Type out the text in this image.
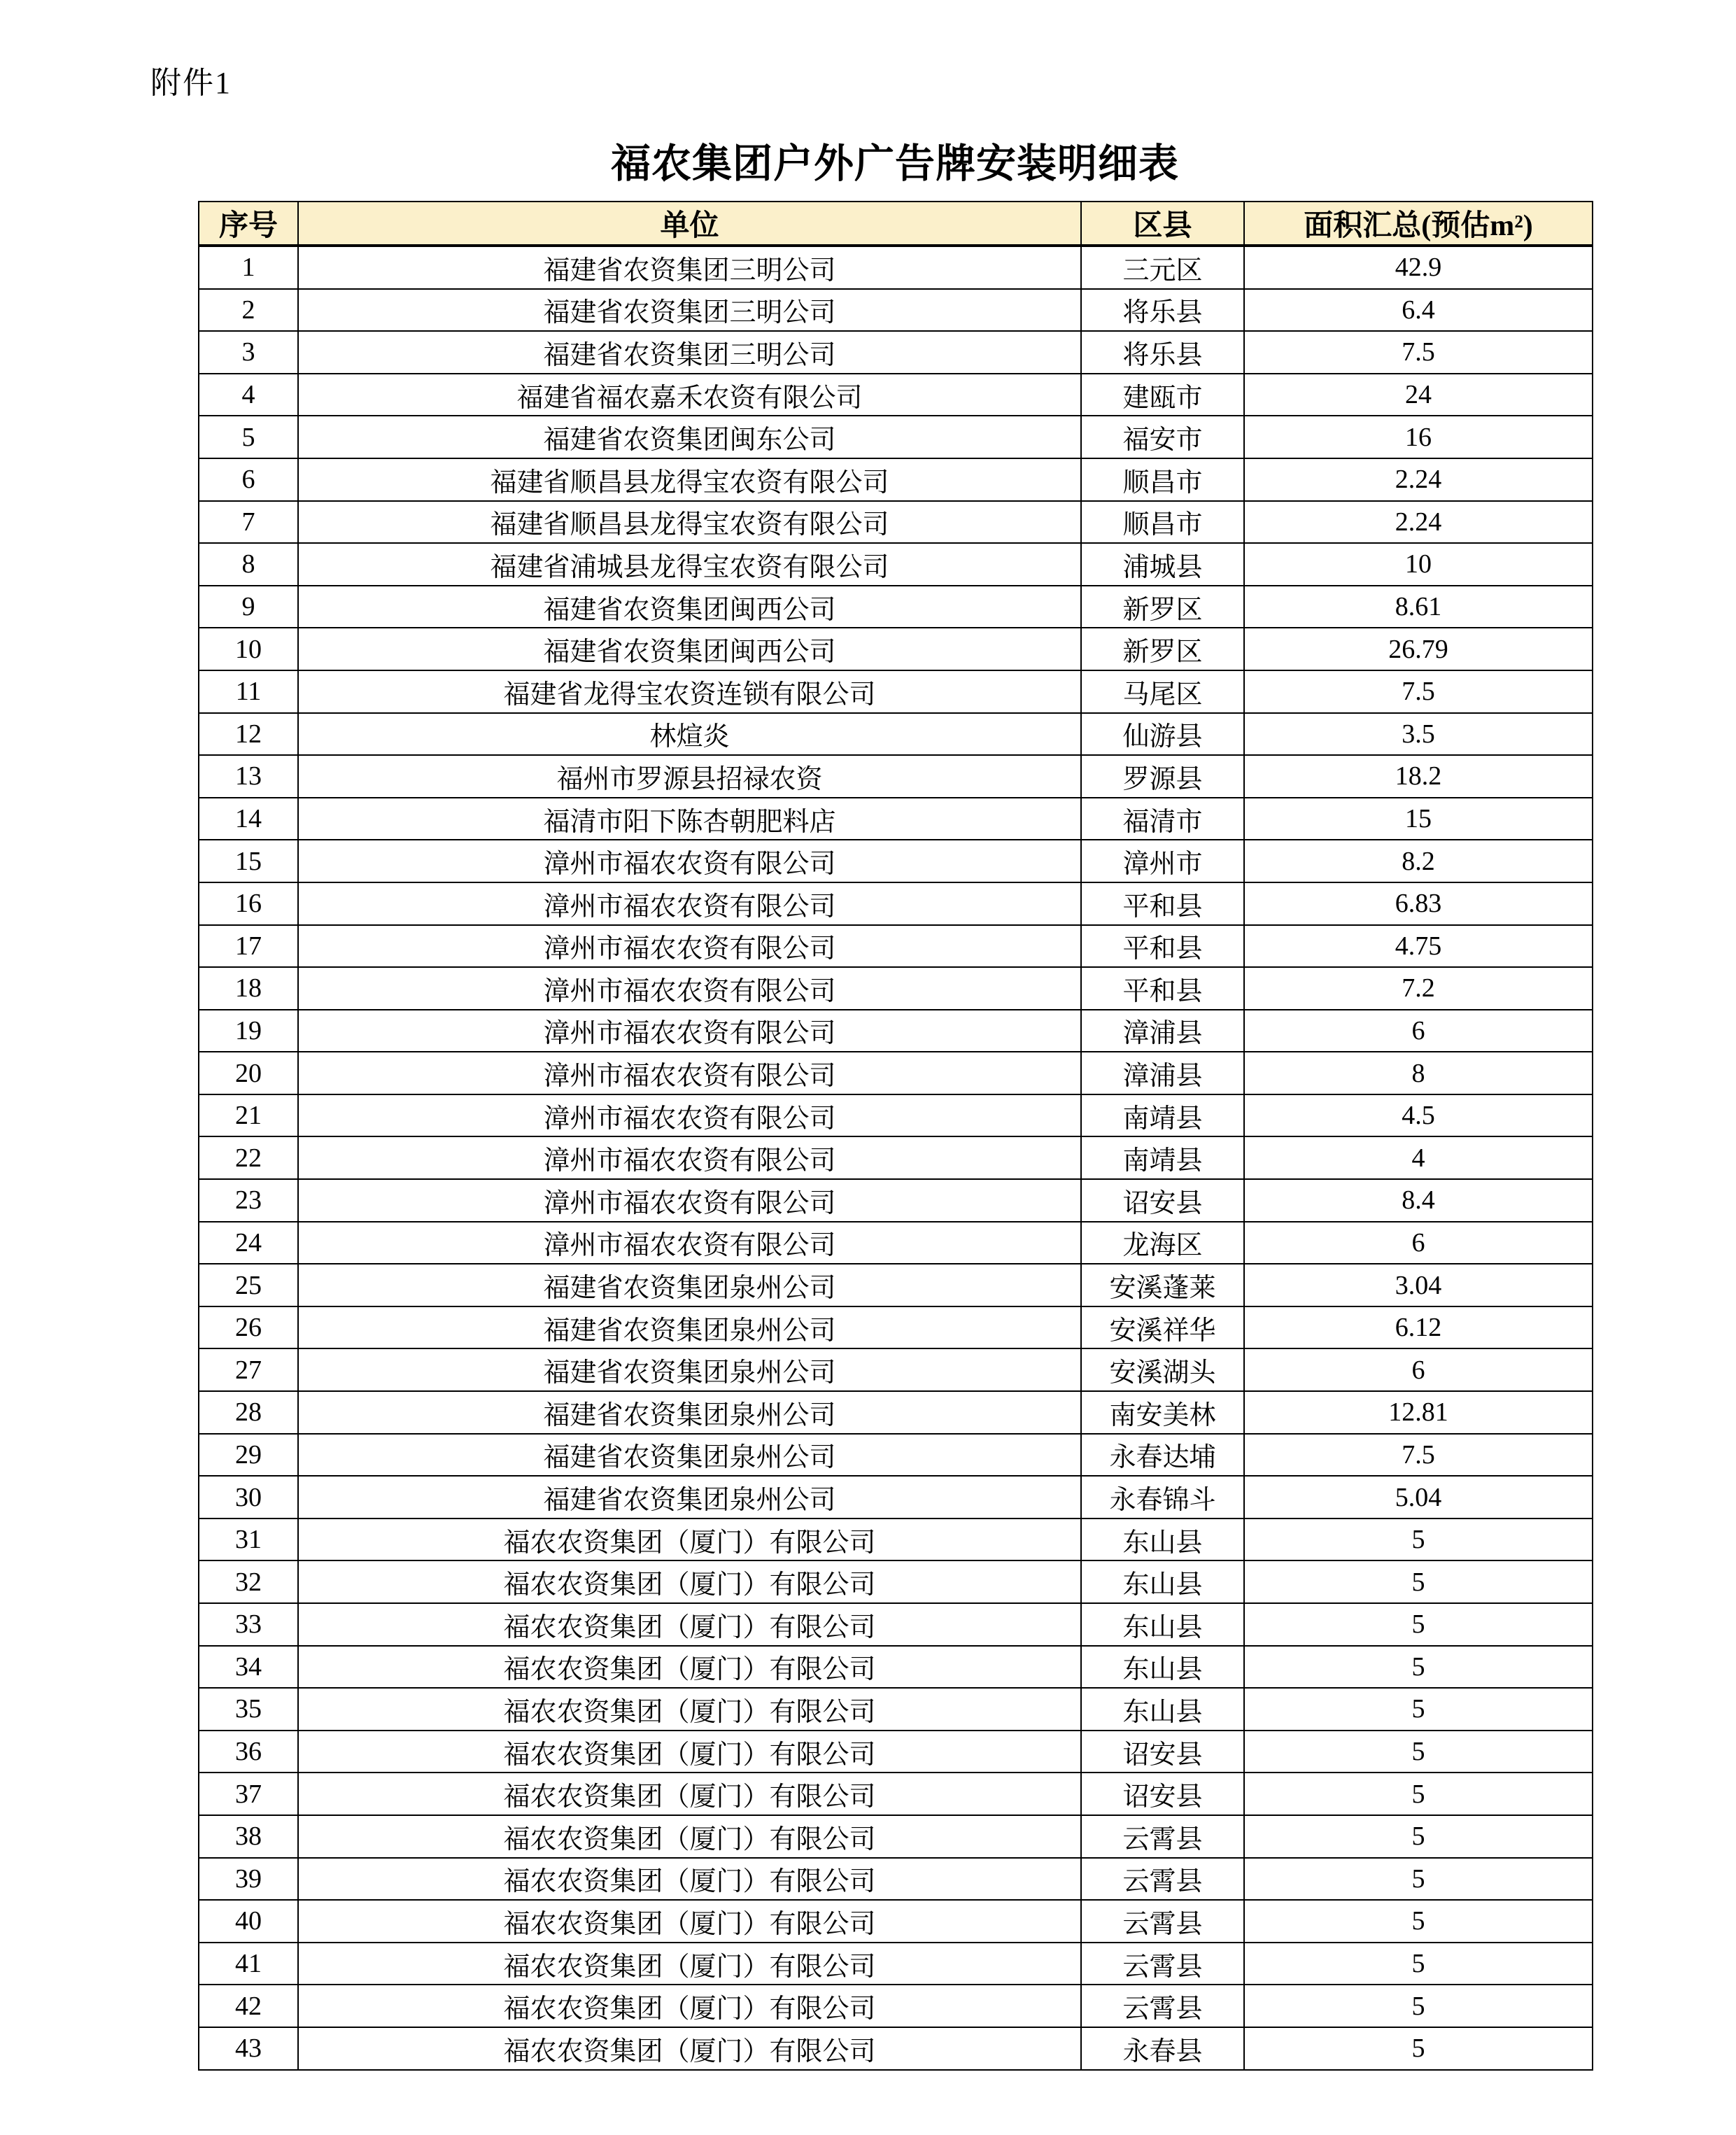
附件1
福农集团户外广告牌安装明细表
序号	单位	区县	面积汇总(预估m²)
1	福建省农资集团三明公司	三元区	42.9
2	福建省农资集团三明公司	将乐县	6.4
3	福建省农资集团三明公司	将乐县	7.5
4	福建省福农嘉禾农资有限公司	建瓯市	24
5	福建省农资集团闽东公司	福安市	16
6	福建省顺昌县龙得宝农资有限公司	顺昌市	2.24
7	福建省顺昌县龙得宝农资有限公司	顺昌市	2.24
8	福建省浦城县龙得宝农资有限公司	浦城县	10
9	福建省农资集团闽西公司	新罗区	8.61
10	福建省农资集团闽西公司	新罗区	26.79
11	福建省龙得宝农资连锁有限公司	马尾区	7.5
12	林煊炎	仙游县	3.5
13	福州市罗源县招禄农资	罗源县	18.2
14	福清市阳下陈杏朝肥料店	福清市	15
15	漳州市福农农资有限公司	漳州市	8.2
16	漳州市福农农资有限公司	平和县	6.83
17	漳州市福农农资有限公司	平和县	4.75
18	漳州市福农农资有限公司	平和县	7.2
19	漳州市福农农资有限公司	漳浦县	6
20	漳州市福农农资有限公司	漳浦县	8
21	漳州市福农农资有限公司	南靖县	4.5
22	漳州市福农农资有限公司	南靖县	4
23	漳州市福农农资有限公司	诏安县	8.4
24	漳州市福农农资有限公司	龙海区	6
25	福建省农资集团泉州公司	安溪蓬莱	3.04
26	福建省农资集团泉州公司	安溪祥华	6.12
27	福建省农资集团泉州公司	安溪湖头	6
28	福建省农资集团泉州公司	南安美林	12.81
29	福建省农资集团泉州公司	永春达埔	7.5
30	福建省农资集团泉州公司	永春锦斗	5.04
31	福农农资集团（厦门）有限公司	东山县	5
32	福农农资集团（厦门）有限公司	东山县	5
33	福农农资集团（厦门）有限公司	东山县	5
34	福农农资集团（厦门）有限公司	东山县	5
35	福农农资集团（厦门）有限公司	东山县	5
36	福农农资集团（厦门）有限公司	诏安县	5
37	福农农资集团（厦门）有限公司	诏安县	5
38	福农农资集团（厦门）有限公司	云霄县	5
39	福农农资集团（厦门）有限公司	云霄县	5
40	福农农资集团（厦门）有限公司	云霄县	5
41	福农农资集团（厦门）有限公司	云霄县	5
42	福农农资集团（厦门）有限公司	云霄县	5
43	福农农资集团（厦门）有限公司	永春县	5
